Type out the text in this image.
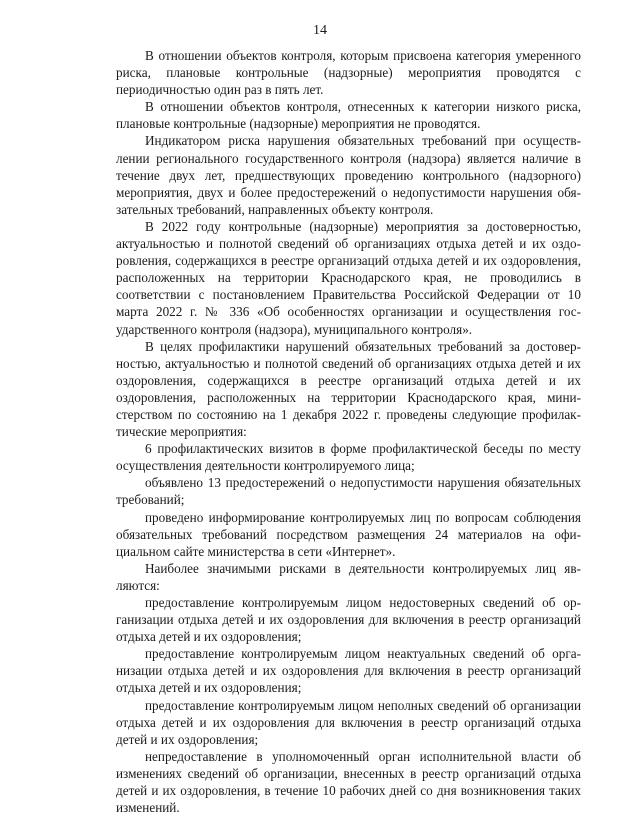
14

В отношении объектов контроля, которым присвоена категория умеренного риска, плановые контрольные (надзорные) мероприятия проводятся с периодичностью один раз в пять лет.

В отношении объектов контроля, отнесенных к категории низкого риска, плановые контрольные (надзорные) мероприятия не проводятся.

Индикатором риска нарушения обязательных требований при осуществлении регионального государственного контроля (надзора) является наличие в течение двух лет, предшествующих проведению контрольного (надзорного) мероприятия, двух и более предостережений о недопустимости нарушения обязательных требований, направленных объекту контроля.

В 2022 году контрольные (надзорные) мероприятия за достоверностью, актуальностью и полнотой сведений об организациях отдыха детей и их оздоровления, содержащихся в реестре организаций отдыха детей и их оздоровления, расположенных на территории Краснодарского края, не проводились в соответствии с постановлением Правительства Российской Федерации от 10 марта 2022 г. № 336 «Об особенностях организации и осуществления государственного контроля (надзора), муниципального контроля».

В целях профилактики нарушений обязательных требований за достоверностью, актуальностью и полнотой сведений об организациях отдыха детей и их оздоровления, содержащихся в реестре организаций отдыха детей и их оздоровления, расположенных на территории Краснодарского края, министерством по состоянию на 1 декабря 2022 г. проведены следующие профилактические мероприятия:

6 профилактических визитов в форме профилактической беседы по месту осуществления деятельности контролируемого лица;

объявлено 13 предостережений о недопустимости нарушения обязательных требований;

проведено информирование контролируемых лиц по вопросам соблюдения обязательных требований посредством размещения 24 материалов на официальном сайте министерства в сети «Интернет».

Наиболее значимыми рисками в деятельности контролируемых лиц являются:

предоставление контролируемым лицом недостоверных сведений об организации отдыха детей и их оздоровления для включения в реестр организаций отдыха детей и их оздоровления;

предоставление контролируемым лицом неактуальных сведений об организации отдыха детей и их оздоровления для включения в реестр организаций отдыха детей и их оздоровления;

предоставление контролируемым лицом неполных сведений об организации отдыха детей и их оздоровления для включения в реестр организаций отдыха детей и их оздоровления;

непредоставление в уполномоченный орган исполнительной власти об изменениях сведений об организации, внесенных в реестр организаций отдыха детей и их оздоровления, в течение 10 рабочих дней со дня возникновения таких изменений.
